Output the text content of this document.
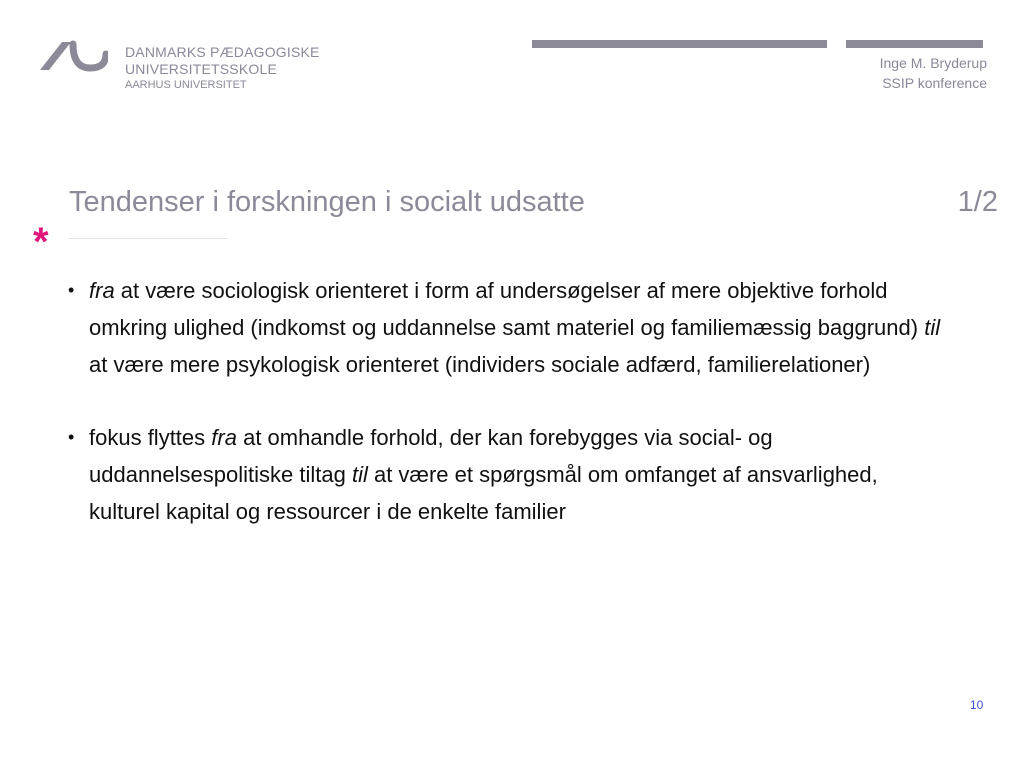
DANMARKS PÆDAGOGISKE
UNIVERSITETSSKOLE
AARHUS UNIVERSITET
Inge M. Bryderup
SSIP konference
Tendenser i forskningen i socialt udsatte	1/2
*
• fra at være sociologisk orienteret i form af undersøgelser af mere objektive forhold omkring ulighed (indkomst og uddannelse samt materiel og familiemæssig baggrund) til at være mere psykologisk orienteret (individers sociale adfærd, familierelationer)
• fokus flyttes fra at omhandle forhold, der kan forebygges via social- og uddannelsespolitiske tiltag til at være et spørgsmål om omfanget af ansvarlighed, kulturel kapital og ressourcer i de enkelte familier
10
